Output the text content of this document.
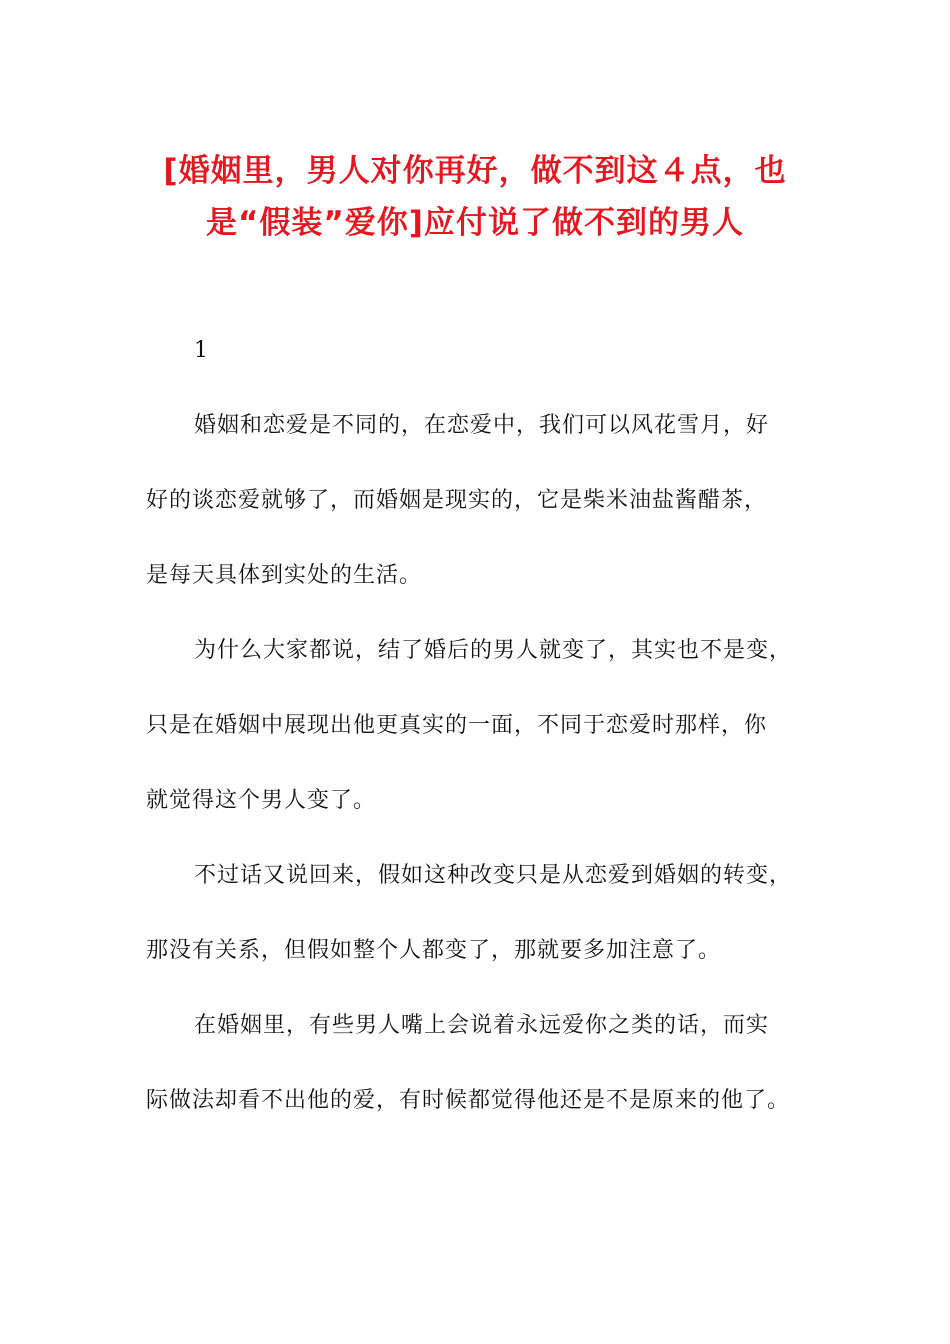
[婚姻里，男人对你再好，做不到这４点，也
是“假装”爱你]应付说了做不到的男人
1
婚姻和恋爱是不同的，在恋爱中，我们可以风花雪月，好
好的谈恋爱就够了，而婚姻是现实的，它是柴米油盐酱醋茶，
是每天具体到实处的生活。
为什么大家都说，结了婚后的男人就变了，其实也不是变，
只是在婚姻中展现出他更真实的一面，不同于恋爱时那样，你
就觉得这个男人变了。
不过话又说回来，假如这种改变只是从恋爱到婚姻的转变，
那没有关系，但假如整个人都变了，那就要多加注意了。
在婚姻里，有些男人嘴上会说着永远爱你之类的话，而实
际做法却看不出他的爱，有时候都觉得他还是不是原来的他了。
